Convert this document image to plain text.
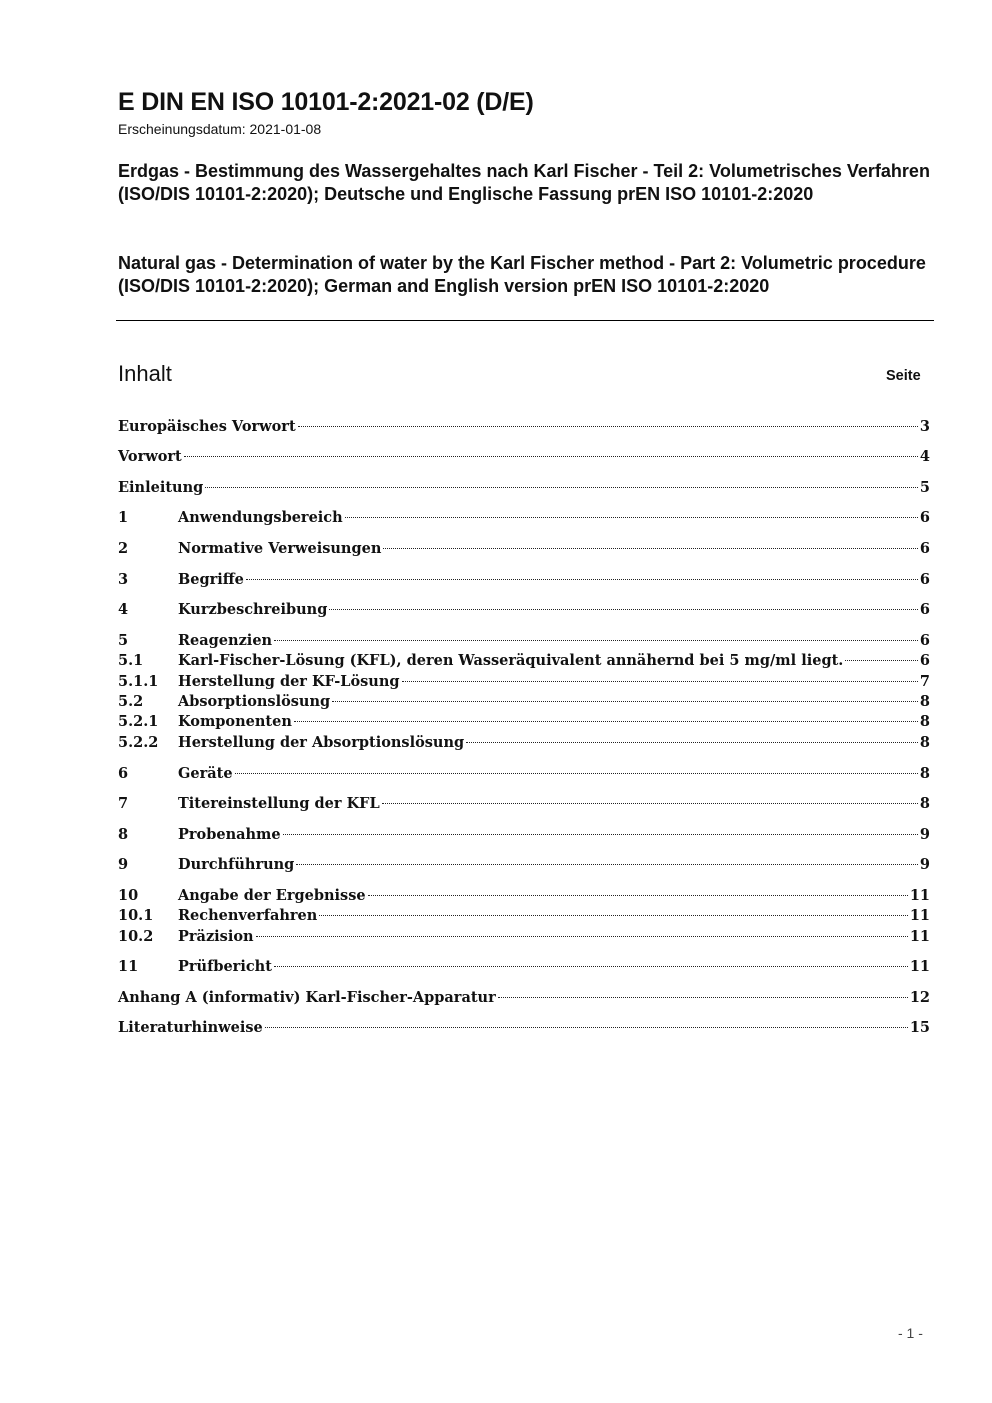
E DIN EN ISO 10101-2:2021-02 (D/E)
Erscheinungsdatum: 2021-01-08
Erdgas - Bestimmung des Wassergehaltes nach Karl Fischer - Teil 2: Volumetrisches Verfahren (ISO/DIS 10101-2:2020); Deutsche und Englische Fassung prEN ISO 10101-2:2020
Natural gas - Determination of water by the Karl Fischer method - Part 2: Volumetric procedure (ISO/DIS 10101-2:2020); German and English version prEN ISO 10101-2:2020
Inhalt	Seite
Europäisches Vorwort	3
Vorwort	4
Einleitung	5
1	Anwendungsbereich	6
2	Normative Verweisungen	6
3	Begriffe	6
4	Kurzbeschreibung	6
5	Reagenzien	6
5.1	Karl-Fischer-Lösung (KFL), deren Wasseräquivalent annähernd bei 5 mg/ml liegt.	6
5.1.1	Herstellung der KF-Lösung	7
5.2	Absorptionslösung	8
5.2.1	Komponenten	8
5.2.2	Herstellung der Absorptionslösung	8
6	Geräte	8
7	Titereinstellung der KFL	8
8	Probenahme	9
9	Durchführung	9
10	Angabe der Ergebnisse	11
10.1	Rechenverfahren	11
10.2	Präzision	11
11	Prüfbericht	11
Anhang A (informativ) Karl-Fischer-Apparatur	12
Literaturhinweise	15
- 1 -
